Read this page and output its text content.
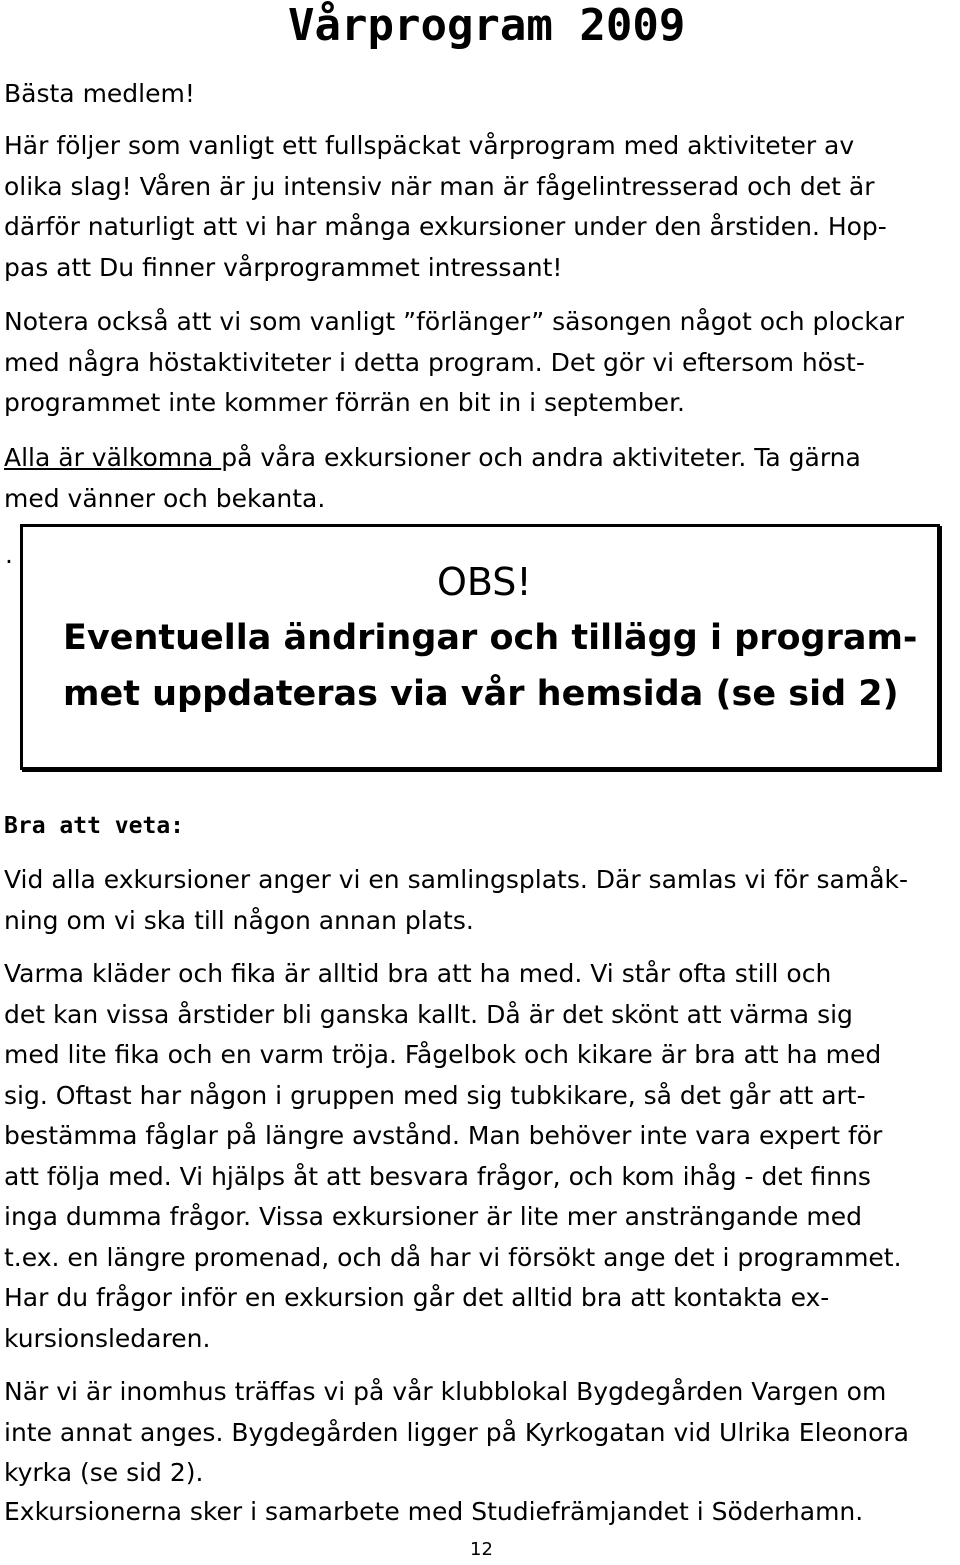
Vårprogram 2009

Bästa medlem!

Här följer som vanligt ett fullspäckat vårprogram med aktiviteter av
olika slag! Våren är ju intensiv när man är fågelintresserad och det är
därför naturligt att vi har många exkursioner under den årstiden. Hop-
pas att Du finner vårprogrammet intressant!
Notera också att vi som vanligt ”förlänger” säsongen något och plockar
med några höstaktiviteter i detta program. Det gör vi eftersom höst-
programmet inte kommer förrän en bit in i september.
Alla är välkomna på våra exkursioner och andra aktiviteter. Ta gärna
med vänner och bekanta.

.

OBS!
Eventuella ändringar och tillägg i program-
met uppdateras via vår hemsida (se sid 2)
Bra att veta:
Vid alla exkursioner anger vi en samlingsplats. Där samlas vi för samåk-
ning om vi ska till någon annan plats.
Varma kläder och fika är alltid bra att ha med. Vi står ofta still och
det kan vissa årstider bli ganska kallt. Då är det skönt att värma sig
med lite fika och en varm tröja. Fågelbok och kikare är bra att ha med
sig. Oftast har någon i gruppen med sig tubkikare, så det går att art-
bestämma fåglar på längre avstånd. Man behöver inte vara expert för
att följa med. Vi hjälps åt att besvara frågor, och kom ihåg - det finns
inga dumma frågor. Vissa exkursioner är lite mer ansträngande med
t.ex. en längre promenad, och då har vi försökt ange det i programmet.
Har du frågor inför en exkursion går det alltid bra att kontakta ex-
kursionsledaren.
När vi är inomhus träffas vi på vår klubblokal Bygdegården Vargen om
inte annat anges. Bygdegården ligger på Kyrkogatan vid Ulrika Eleonora
kyrka (se sid 2).

Exkursionerna sker i samarbete med Studiefrämjandet i Söderhamn.

12
